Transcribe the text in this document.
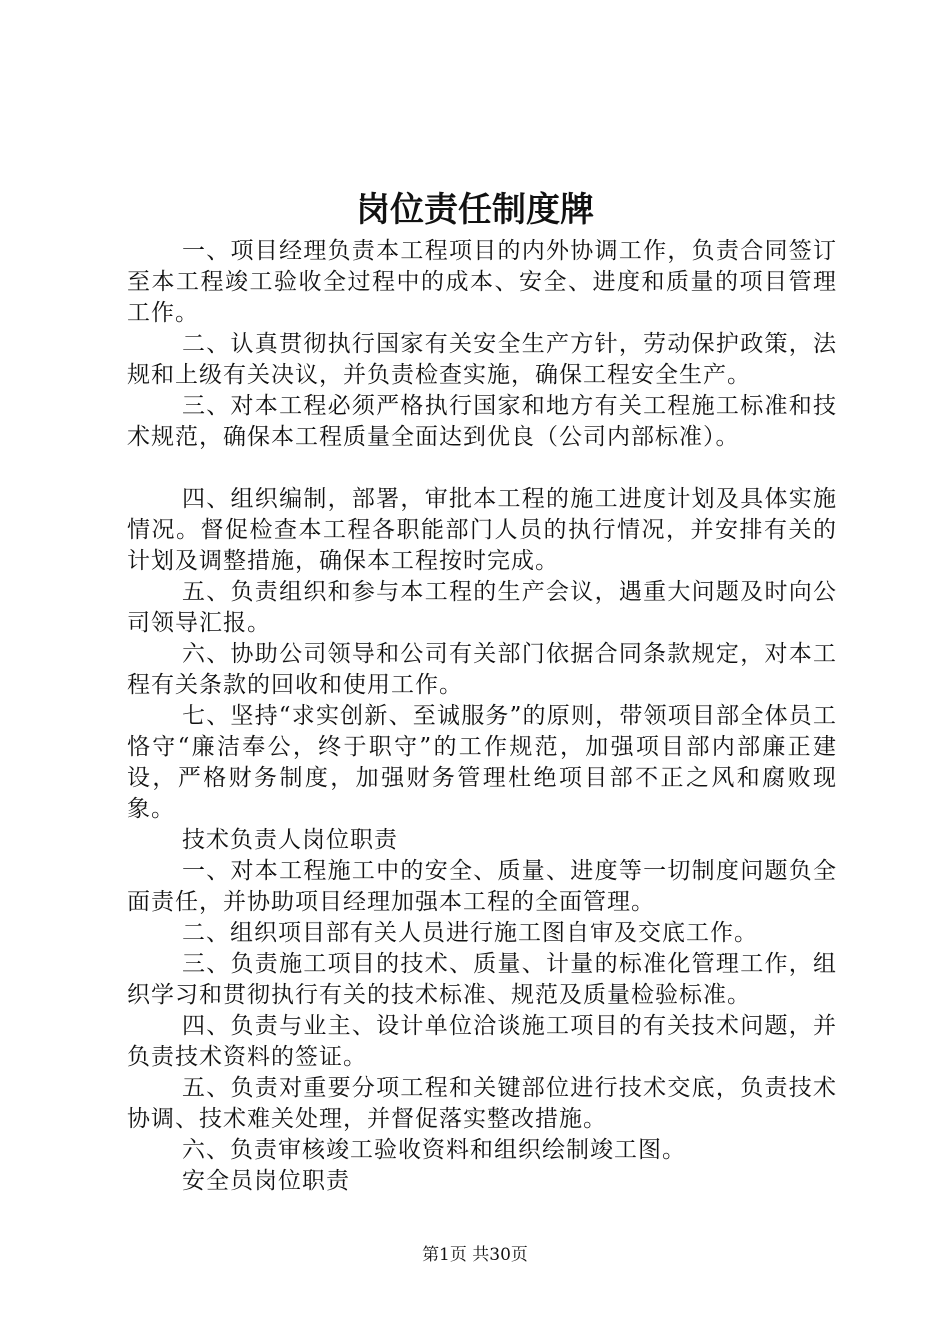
岗位责任制度牌

一、项目经理负责本工程项目的内外协调工作，负责合同签订至本工程竣工验收全过程中的成本、安全、进度和质量的项目管理工作。

二、认真贯彻执行国家有关安全生产方针，劳动保护政策，法规和上级有关决议，并负责检查实施，确保工程安全生产。

三、对本工程必须严格执行国家和地方有关工程施工标准和技术规范，确保本工程质量全面达到优良（公司内部标准）。

四、组织编制，部署，审批本工程的施工进度计划及具体实施情况。督促检查本工程各职能部门人员的执行情况，并安排有关的计划及调整措施，确保本工程按时完成。

五、负责组织和参与本工程的生产会议，遇重大问题及时向公司领导汇报。

六、协助公司领导和公司有关部门依据合同条款规定，对本工程有关条款的回收和使用工作。

七、坚持“求实创新、至诚服务”的原则，带领项目部全体员工恪守“廉洁奉公，终于职守”的工作规范，加强项目部内部廉正建设，严格财务制度，加强财务管理杜绝项目部不正之风和腐败现象。

技术负责人岗位职责

一、对本工程施工中的安全、质量、进度等一切制度问题负全面责任，并协助项目经理加强本工程的全面管理。

二、组织项目部有关人员进行施工图自审及交底工作。

三、负责施工项目的技术、质量、计量的标准化管理工作，组织学习和贯彻执行有关的技术标准、规范及质量检验标准。

四、负责与业主、设计单位洽谈施工项目的有关技术问题，并负责技术资料的签证。

五、负责对重要分项工程和关键部位进行技术交底，负责技术协调、技术难关处理，并督促落实整改措施。

六、负责审核竣工验收资料和组织绘制竣工图。

安全员岗位职责

第1页 共30页
